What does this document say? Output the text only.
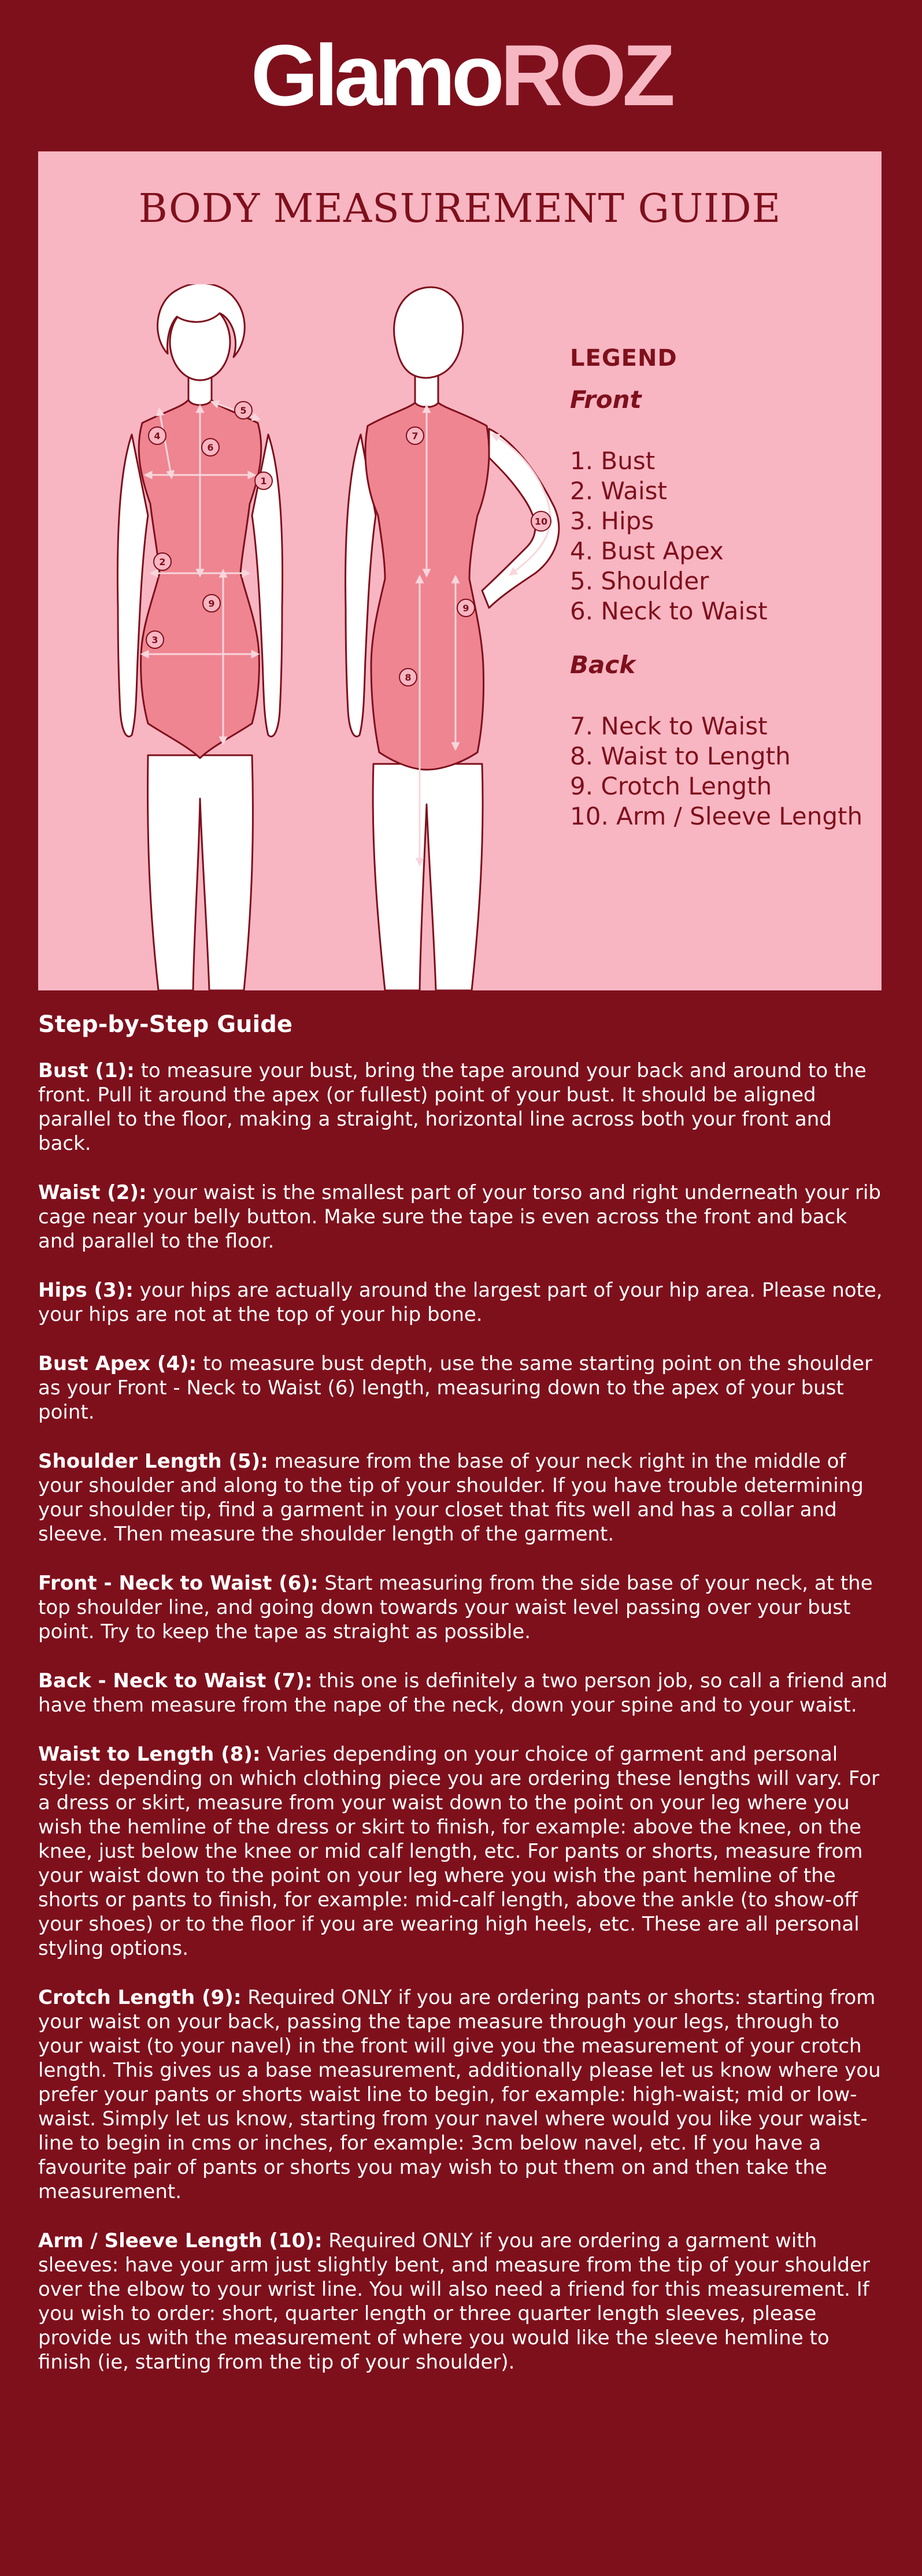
GlamoROZ
BODY MEASUREMENT GUIDE
1
2
3
4
5
6
9
7
8
9
10
LEGEND
Front
1. Bust
2. Waist
3. Hips
4. Bust Apex
5. Shoulder
6. Neck to Waist
Back
7. Neck to Waist
8. Waist to Length
9. Crotch Length
10. Arm / Sleeve Length
Step-by-Step Guide

Bust (1): to measure your bust, bring the tape around your back and around to the front. Pull it around the apex (or fullest) point of your bust. It should be aligned parallel to the floor, making a straight, horizontal line across both your front and back.

Waist (2): your waist is the smallest part of your torso and right underneath your rib cage near your belly button. Make sure the tape is even across the front and back and parallel to the floor.

Hips (3): your hips are actually around the largest part of your hip area. Please note, your hips are not at the top of your hip bone.

Bust Apex (4): to measure bust depth, use the same starting point on the shoulder as your Front - Neck to Waist (6) length, measuring down to the apex of your bust point.

Shoulder Length (5): measure from the base of your neck right in the middle of your shoulder and along to the tip of your shoulder. If you have trouble determining your shoulder tip, find a garment in your closet that fits well and has a collar and sleeve. Then measure the shoulder length of the garment.

Front - Neck to Waist (6): Start measuring from the side base of your neck, at the top shoulder line, and going down towards your waist level passing over your bust point. Try to keep the tape as straight as possible.

Back - Neck to Waist (7): this one is definitely a two person job, so call a friend and have them measure from the nape of the neck, down your spine and to your waist.

Waist to Length (8): Varies depending on your choice of garment and personal style: depending on which clothing piece you are ordering these lengths will vary. For a dress or skirt, measure from your waist down to the point on your leg where you wish the hemline of the dress or skirt to finish, for example: above the knee, on the knee, just below the knee or mid calf length, etc. For pants or shorts, measure from your waist down to the point on your leg where you wish the pant hemline of the shorts or pants to finish, for example: mid-calf length, above the ankle (to show-off your shoes) or to the floor if you are wearing high heels, etc. These are all personal styling options.

Crotch Length (9): Required ONLY if you are ordering pants or shorts: starting from your waist on your back, passing the tape measure through your legs, through to your waist (to your navel) in the front will give you the measurement of your crotch length. This gives us a base measurement, additionally please let us know where you prefer your pants or shorts waist line to begin, for example: high-waist; mid or low-waist. Simply let us know, starting from your navel where would you like your waist-line to begin in cms or inches, for example: 3cm below navel, etc. If you have a favourite pair of pants or shorts you may wish to put them on and then take the measurement.

Arm / Sleeve Length (10): Required ONLY if you are ordering a garment with sleeves: have your arm just slightly bent, and measure from the tip of your shoulder over the elbow to your wrist line. You will also need a friend for this measurement. If you wish to order: short, quarter length or three quarter length sleeves, please provide us with the measurement of where you would like the sleeve hemline to finish (ie, starting from the tip of your shoulder).
